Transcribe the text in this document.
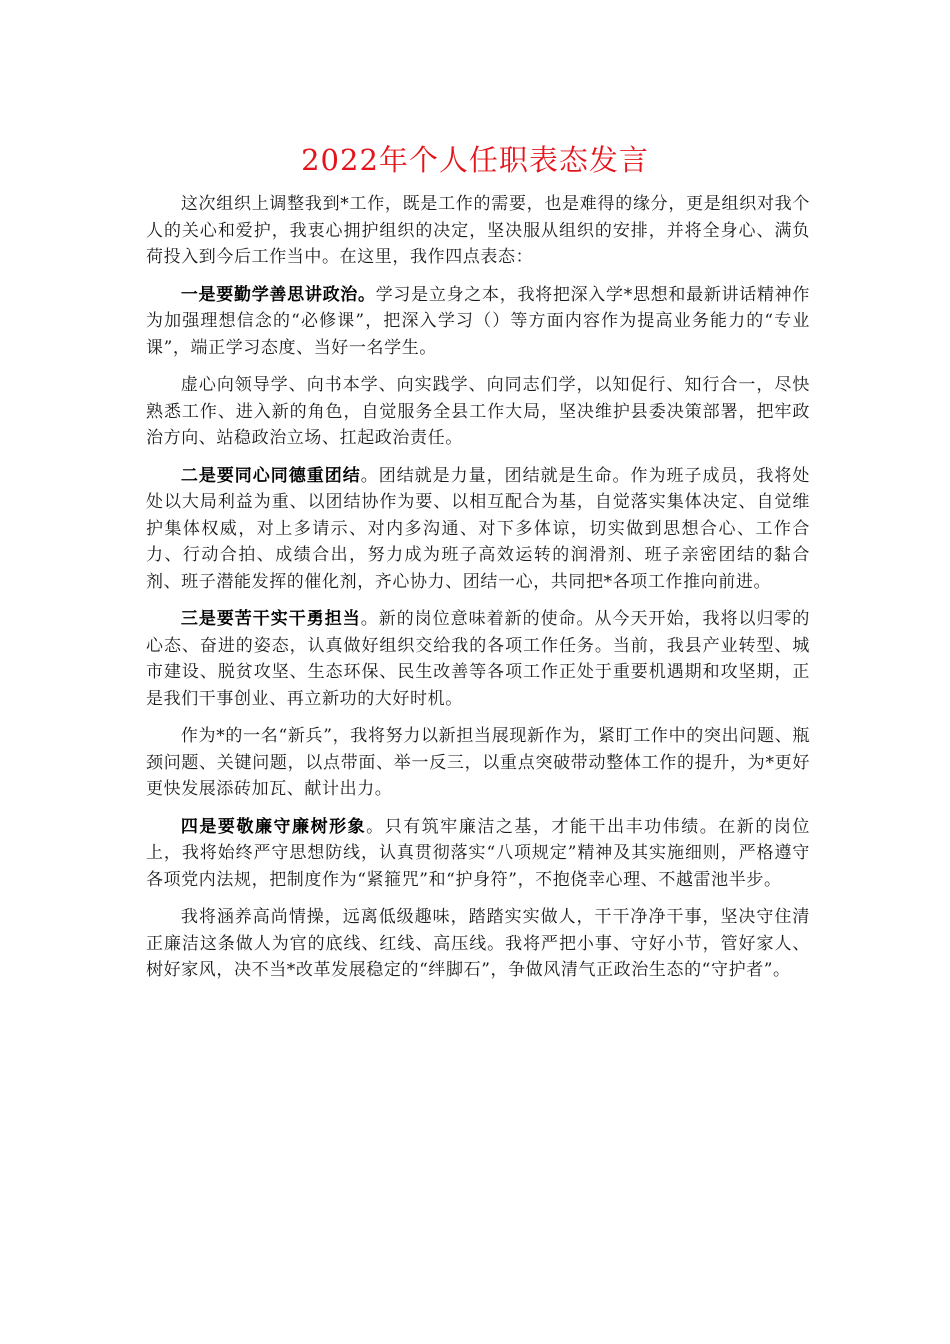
2022年个人任职表态发言

这次组织上调整我到*工作，既是工作的需要，也是难得的缘分，更是组织对我个人的关心和爱护，我衷心拥护组织的决定，坚决服从组织的安排，并将全身心、满负荷投入到今后工作当中。在这里，我作四点表态：

一是要勤学善思讲政治。学习是立身之本，我将把深入学*思想和最新讲话精神作为加强理想信念的“必修课”，把深入学习（）等方面内容作为提高业务能力的“专业课”，端正学习态度、当好一名学生。

虚心向领导学、向书本学、向实践学、向同志们学，以知促行、知行合一，尽快熟悉工作、进入新的角色，自觉服务全县工作大局，坚决维护县委决策部署，把牢政治方向、站稳政治立场、扛起政治责任。

二是要同心同德重团结。团结就是力量，团结就是生命。作为班子成员，我将处处以大局利益为重、以团结协作为要、以相互配合为基，自觉落实集体决定、自觉维护集体权威，对上多请示、对内多沟通、对下多体谅，切实做到思想合心、工作合力、行动合拍、成绩合出，努力成为班子高效运转的润滑剂、班子亲密团结的黏合剂、班子潜能发挥的催化剂，齐心协力、团结一心，共同把*各项工作推向前进。

三是要苦干实干勇担当。新的岗位意味着新的使命。从今天开始，我将以归零的心态、奋进的姿态，认真做好组织交给我的各项工作任务。当前，我县产业转型、城市建设、脱贫攻坚、生态环保、民生改善等各项工作正处于重要机遇期和攻坚期，正是我们干事创业、再立新功的大好时机。

作为*的一名“新兵”，我将努力以新担当展现新作为，紧盯工作中的突出问题、瓶颈问题、关键问题，以点带面、举一反三，以重点突破带动整体工作的提升，为*更好更快发展添砖加瓦、献计出力。

四是要敬廉守廉树形象。只有筑牢廉洁之基，才能干出丰功伟绩。在新的岗位上，我将始终严守思想防线，认真贯彻落实“八项规定”精神及其实施细则，严格遵守各项党内法规，把制度作为“紧箍咒”和“护身符”，不抱侥幸心理、不越雷池半步。

我将涵养高尚情操，远离低级趣味，踏踏实实做人，干干净净干事，坚决守住清正廉洁这条做人为官的底线、红线、高压线。我将严把小事、守好小节，管好家人、树好家风，决不当*改革发展稳定的“绊脚石”，争做风清气正政治生态的“守护者”。
